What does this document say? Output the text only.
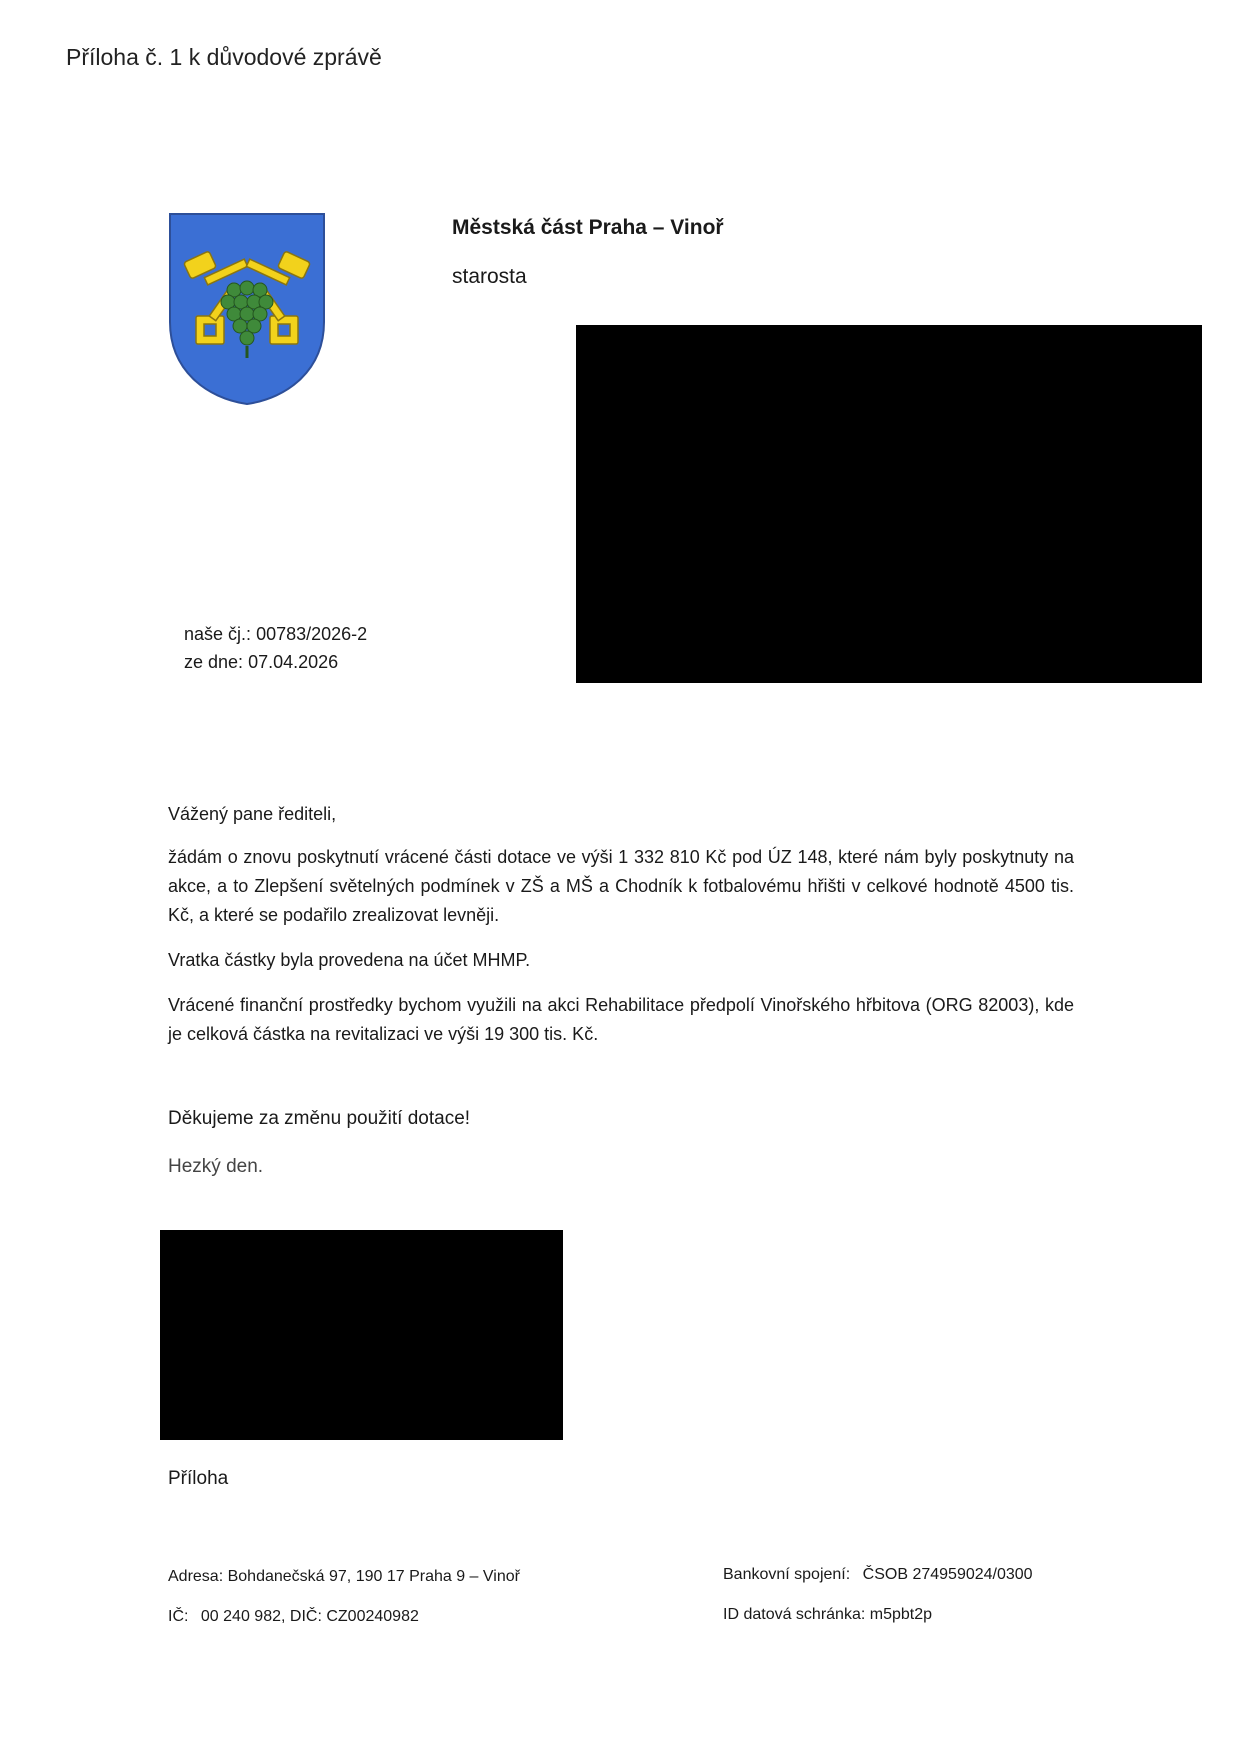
Příloha č. 1 k důvodové zprávě
Městská část Praha – Vinoř
starosta
naše čj.: 00783/2026-2
ze dne: 07.04.2026

Vážený pane řediteli,

žádám o znovu poskytnutí vrácené části dotace ve výši 1 332 810 Kč pod ÚZ 148, které nám byly poskytnuty na akce, a to Zlepšení světelných podmínek v ZŠ a MŠ a Chodník k fotbalovému hřišti v celkové hodnotě 4500 tis. Kč, a které se podařilo zrealizovat levněji.

Vratka částky byla provedena na účet MHMP.

Vrácené finanční prostředky bychom využili na akci Rehabilitace předpolí Vinořského hřbitova (ORG 82003), kde je celková částka na revitalizaci ve výši 19 300 tis. Kč.

Děkujeme za změnu použití dotace!
Hezký den.
Příloha
Adresa: Bohdanečská 97, 190 17 Praha 9 – Vinoř
IČ: 00 240 982, DIČ: CZ00240982
Bankovní spojení: ČSOB 274959024/0300
ID datová schránka: m5pbt2p
